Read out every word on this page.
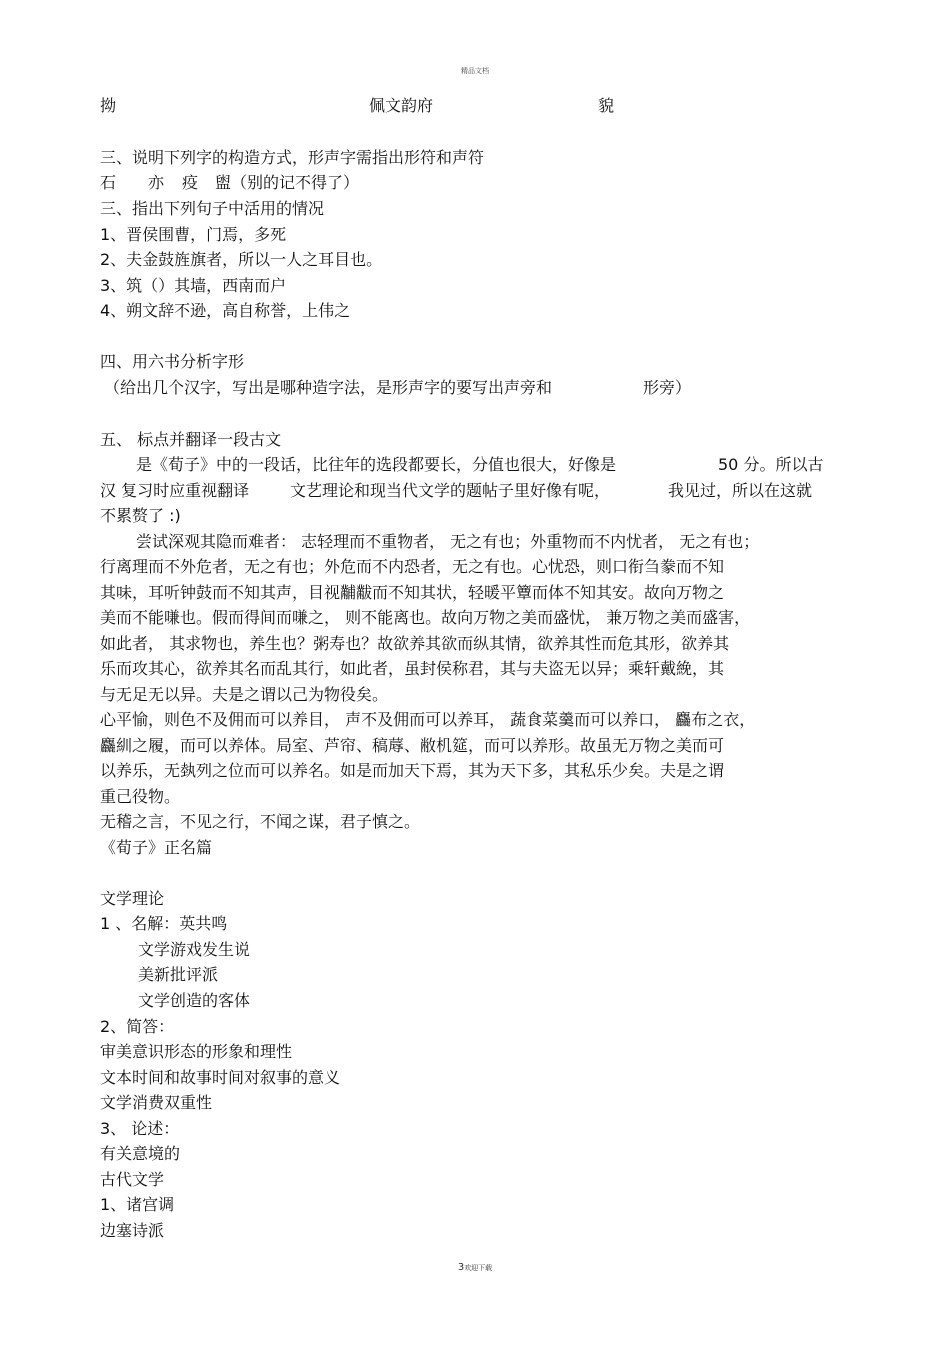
精品文档
拗	佩文韵府	貌
三、说明下列字的构造方式，形声字需指出形符和声符
石 亦 疫 盥（别的记不得了）
三、指出下列句子中活用的情况
1、晋侯围曹，门焉，多死
2、夫金鼓旌旗者，所以一人之耳目也。
3、筑（）其墙，西南而户
4、朔文辞不逊，高自称誉，上伟之
四、用六书分析字形
（给出几个汉字，写出是哪种造字法，是形声字的要写出声旁和	形旁）
五、 标点并翻译一段古文
是《荀子》中的一段话，比往年的选段都要长，分值也很大，好像是	50 分。所以古
汉 复习时应重视翻译	文艺理论和现当代文学的题帖子里好像有呢，	我见过，所以在这就
不累赘了 :)
尝试深观其隐而难者： 志轻理而不重物者， 无之有也；外重物而不内忧者， 无之有也；
行离理而不外危者，无之有也；外危而不内恐者，无之有也。心忧恐，则口衔刍豢而不知
其味，耳听钟鼓而不知其声，目视黼黻而不知其状，轻暖平簟而体不知其安。故向万物之
美而不能嗛也。假而得间而嗛之， 则不能离也。故向万物之美而盛忧， 兼万物之美而盛害，
如此者， 其求物也，养生也？粥寿也？故欲养其欲而纵其情，欲养其性而危其形，欲养其
乐而攻其心，欲养其名而乱其行，如此者，虽封侯称君，其与夫盗无以异；乘轩戴絻，其
与无足无以异。夫是之谓以己为物役矣。
心平愉，则色不及佣而可以养目， 声不及佣而可以养耳， 蔬食菜羹而可以养口， 麤布之衣，
麤紃之履，而可以养体。局室、芦帘、稿蓐、敝机筵，而可以养形。故虽无万物之美而可
以养乐，无埶列之位而可以养名。如是而加天下焉，其为天下多，其私乐少矣。夫是之谓
重己役物。
无稽之言，不见之行，不闻之谋，君子慎之。
《荀子》正名篇
文学理论
1 、名解：英共鸣
文学游戏发生说
美新批评派
文学创造的客体
2、简答：
审美意识形态的形象和理性
文本时间和故事时间对叙事的意义
文学消费双重性
3、 论述：
有关意境的
古代文学
1、诸宫调
边塞诗派
3欢迎下载
